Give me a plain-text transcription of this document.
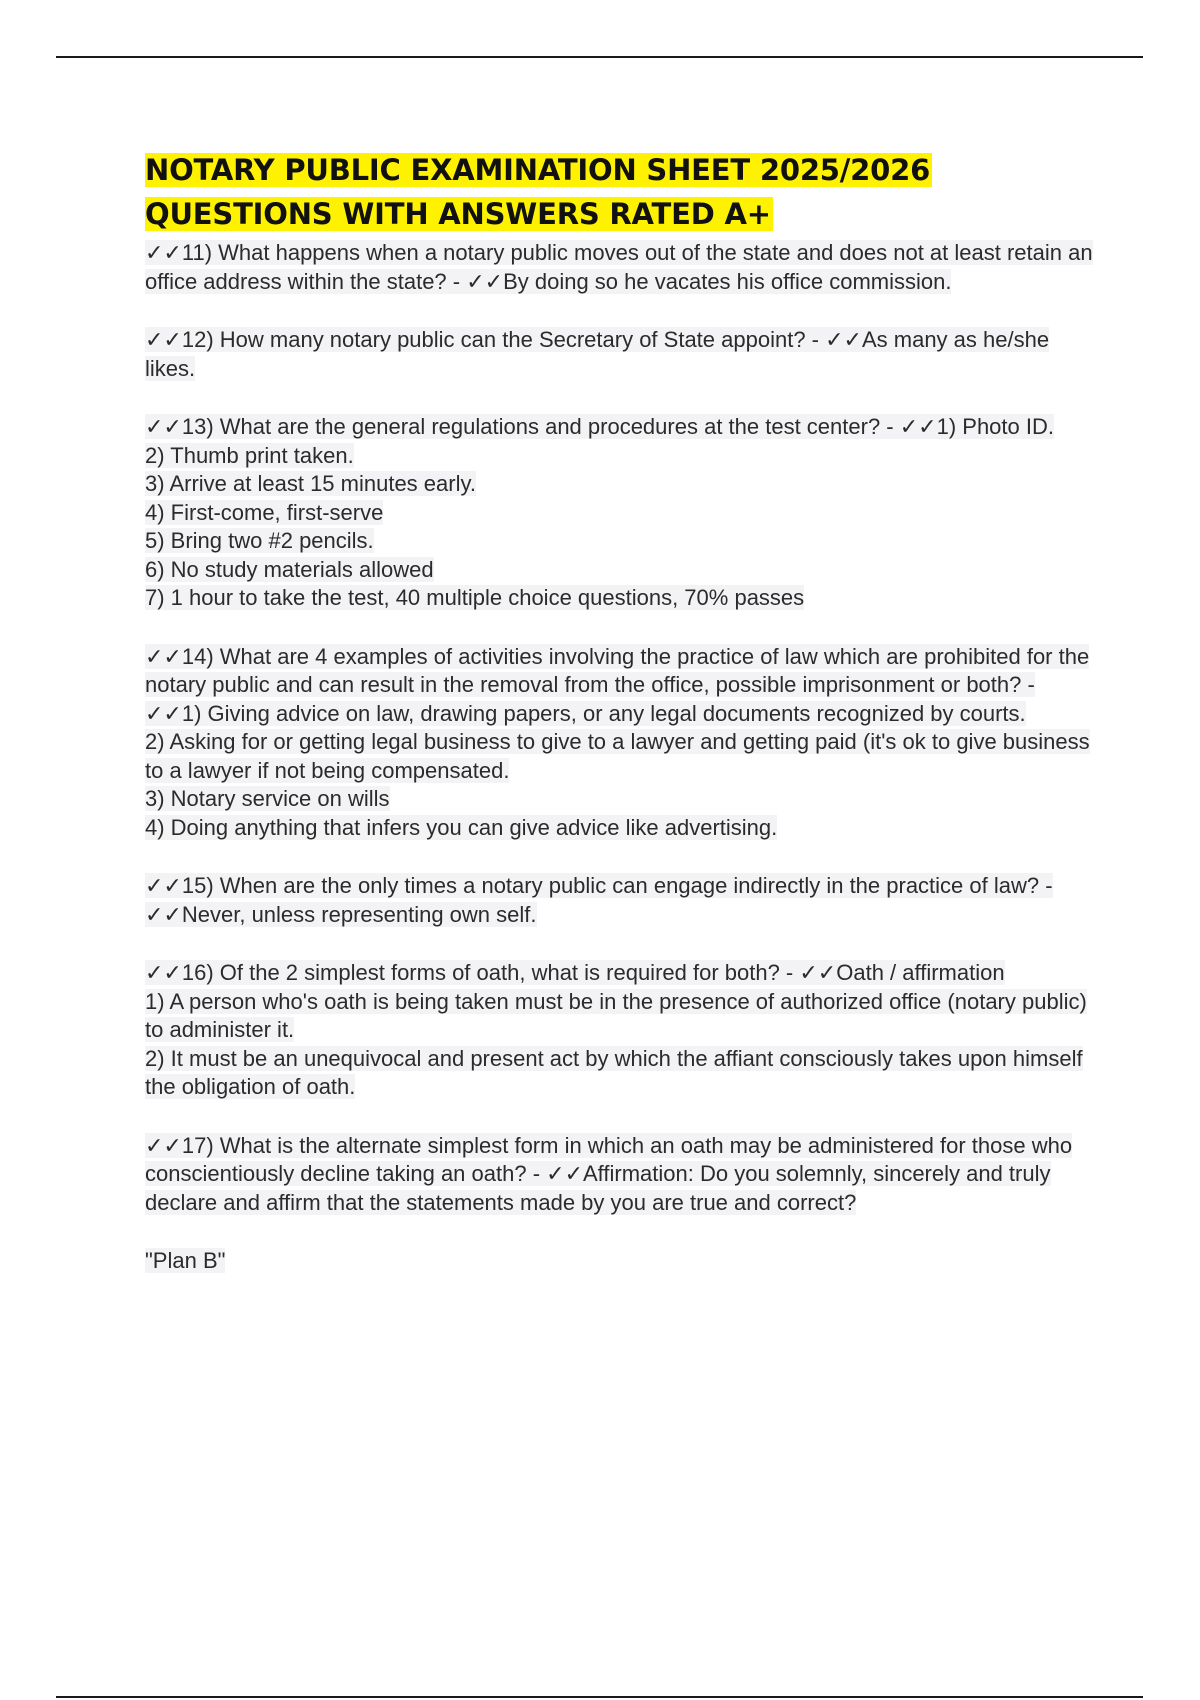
NOTARY PUBLIC EXAMINATION SHEET 2025/2026
QUESTIONS WITH ANSWERS RATED A+

✓✓11) What happens when a notary public moves out of the state and does not at least retain an office address within the state? - ✓✓By doing so he vacates his office commission.

✓✓12) How many notary public can the Secretary of State appoint? - ✓✓As many as he/she likes.

✓✓13) What are the general regulations and procedures at the test center? - ✓✓1) Photo ID.

2) Thumb print taken.

3) Arrive at least 15 minutes early.

4) First-come, first-serve

5) Bring two #2 pencils.

6) No study materials allowed

7) 1 hour to take the test, 40 multiple choice questions, 70% passes

✓✓14) What are 4 examples of activities involving the practice of law which are prohibited for the notary public and can result in the removal from the office, possible imprisonment or both? - ✓✓1) Giving advice on law, drawing papers, or any legal documents recognized by courts.

2) Asking for or getting legal business to give to a lawyer and getting paid (it's ok to give business to a lawyer if not being compensated.

3) Notary service on wills

4) Doing anything that infers you can give advice like advertising.

✓✓15) When are the only times a notary public can engage indirectly in the practice of law? - ✓✓Never, unless representing own self.

✓✓16) Of the 2 simplest forms of oath, what is required for both? - ✓✓Oath / affirmation

1) A person who's oath is being taken must be in the presence of authorized office (notary public) to administer it.

2) It must be an unequivocal and present act by which the affiant consciously takes upon himself the obligation of oath.

✓✓17) What is the alternate simplest form in which an oath may be administered for those who conscientiously decline taking an oath? - ✓✓Affirmation: Do you solemnly, sincerely and truly declare and affirm that the statements made by you are true and correct?

"Plan B"
